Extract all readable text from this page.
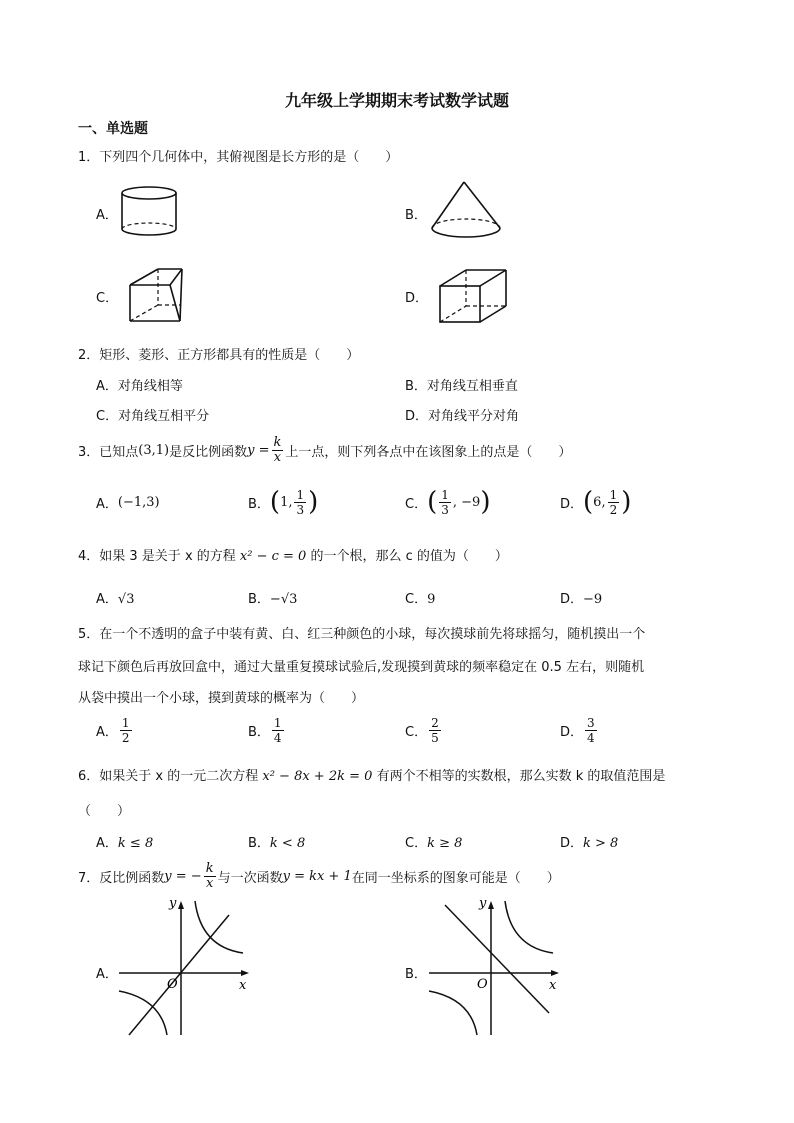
九年级上学期期末考试数学试题
一、单选题
1．下列四个几何体中，其俯视图是长方形的是（　　）
A．	B．
C．	D．
2．矩形、菱形、正方形都具有的性质是（　　）
A．对角线相等	B．对角线互相垂直
C．对角线互相平分	D．对角线平分对角
3．已知点 (3,1) 是反比例函数 $y = \frac{k}{x}$ 上一点，则下列各点中在该图象上的点是（　　）
A． (−1,3)	B． ( 1, $\frac{1}{3}$ )	C． ( $\frac{1}{3}$ , −9 )	D． ( 6, $\frac{1}{2}$ )
4．如果 3 是关于 x 的方程 x² − c = 0 的一个根，那么 c 的值为（　　）
A．√3	B．−√3	C．9	D．−9
5．在一个不透明的盒子中装有黄、白、红三种颜色的小球，每次摸球前先将球摇匀，随机摸出一个
球记下颜色后再放回盒中，通过大量重复摸球试验后,发现摸到黄球的频率稳定在 0.5 左右，则随机
从袋中摸出一个小球，摸到黄球的概率为（　　）
A． $\frac{1}{2}$	B． $\frac{1}{4}$	C． $\frac{2}{5}$	D． $\frac{3}{4}$
6．如果关于 x 的一元二次方程 x² − 8x + 2k = 0 有两个不相等的实数根，那么实数 k 的取值范围是
（　　）
A．k ≤ 8	B．k < 8	C．k ≥ 8	D．k > 8
7．反比例函数 y = − $\frac{k}{x}$ 与一次函数 y = kx + 1 在同一坐标系的图象可能是（　　）
A．
y
x
O
B．
y
x
O
